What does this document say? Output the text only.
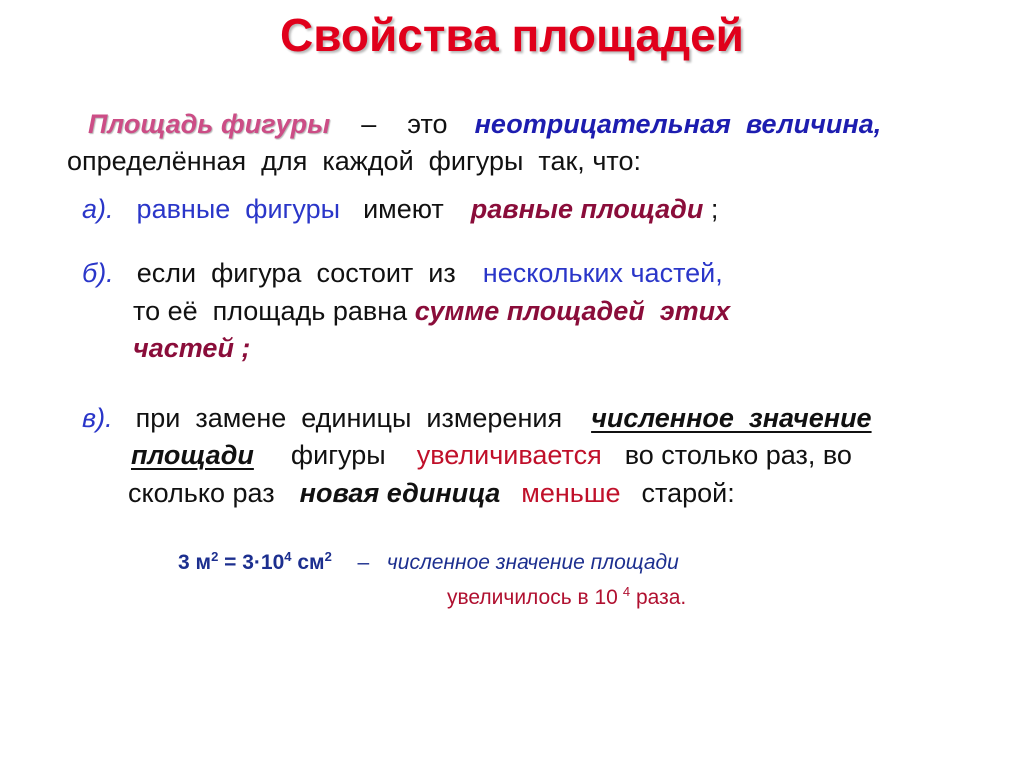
Свойства площадей
Площадь фигуры – это неотрицательная  величина,
определённая  для  каждой  фигуры  так, что:
а). равные  фигуры имеют равные площади ;
б). если  фигура  состоит  из нескольких частей,
то её  площадь равна сумме площадей  этих
частей ;
в). при  замене  единицы  измерения численное  значение
площади фигуры увеличивается во столько раз, во
сколько раз новая единица меньше старой:
3 $м^2 = 3\cdot 10^4$ $см^2$ – численное значение площади
увеличилось в 10 $^4$ раза.
